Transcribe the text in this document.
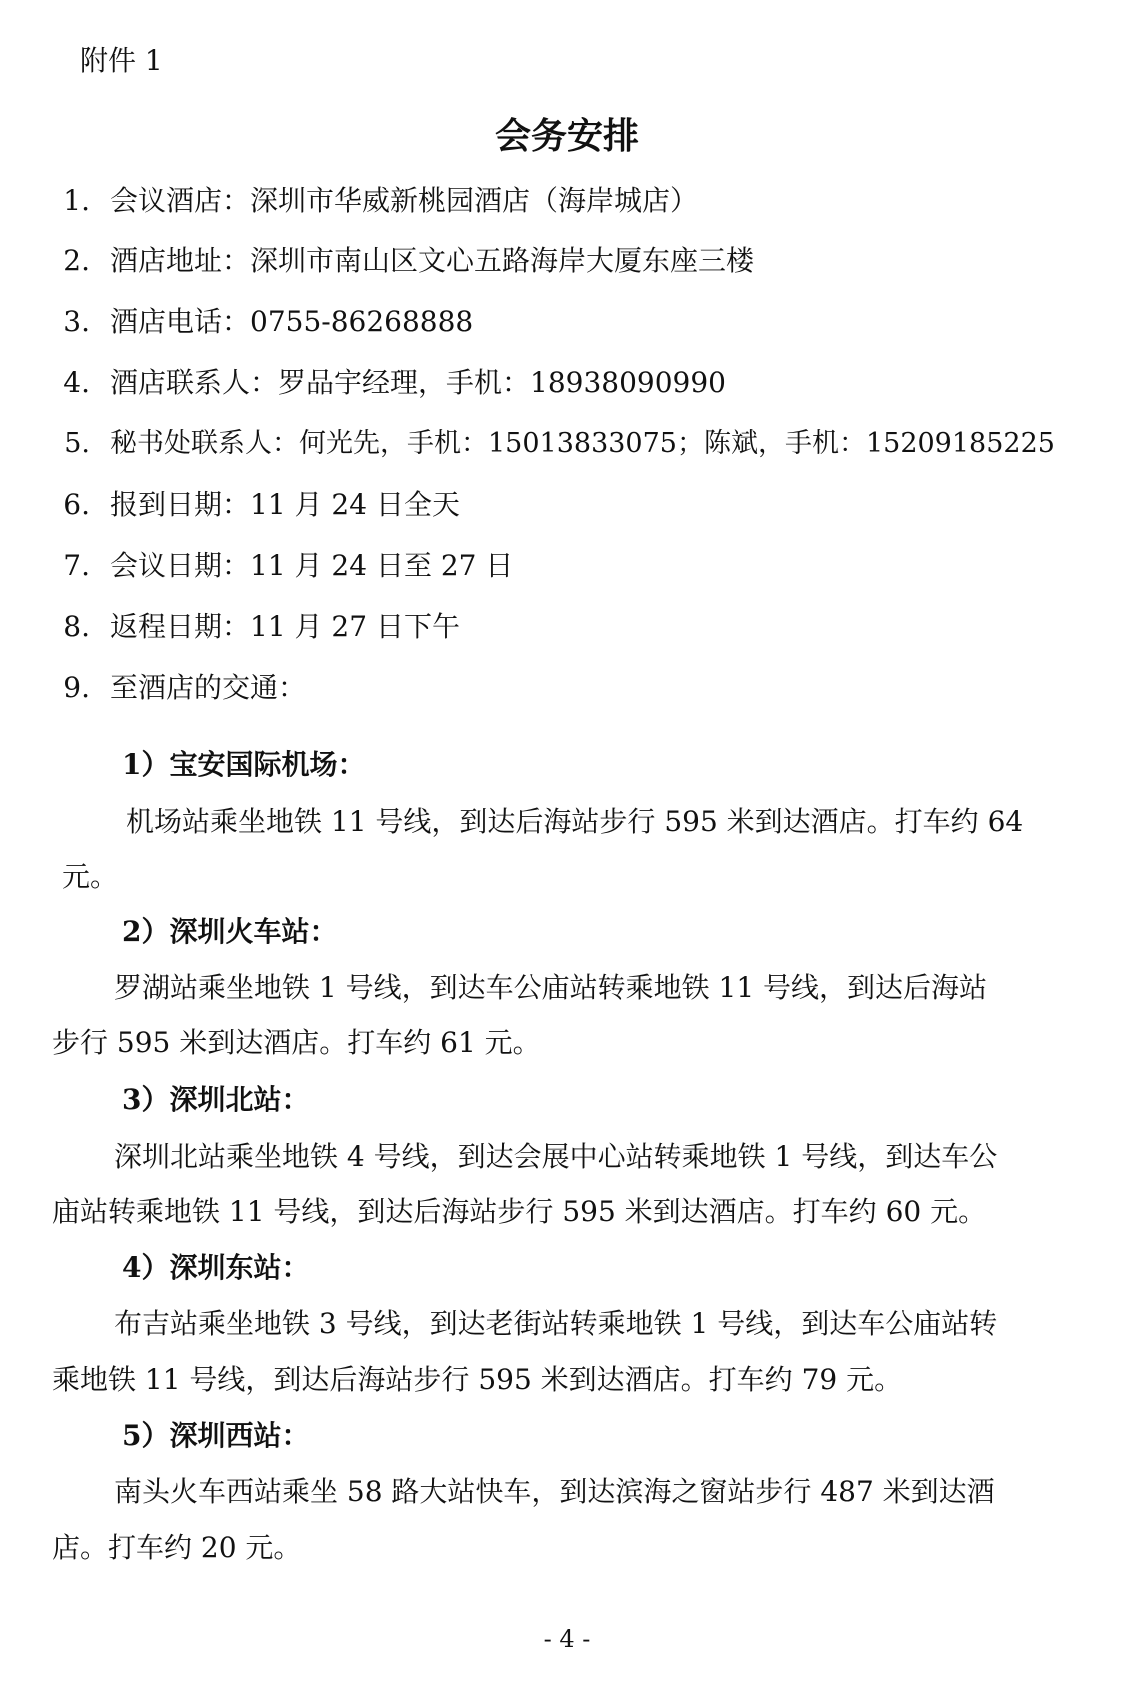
附件 1
会务安排
1. 会议酒店：深圳市华威新桃园酒店（海岸城店）
2. 酒店地址：深圳市南山区文心五路海岸大厦东座三楼
3. 酒店电话：0755-86268888
4. 酒店联系人：罗品宇经理，手机：18938090990
5. 秘书处联系人：何光先，手机：15013833075；陈斌，手机：15209185225
6. 报到日期：11 月 24 日全天
7. 会议日期：11 月 24 日至 27 日
8. 返程日期：11 月 27 日下午
9. 至酒店的交通：
1）宝安国际机场：
机场站乘坐地铁 11 号线，到达后海站步行 595 米到达酒店。打车约 64
元。
2）深圳火车站：
罗湖站乘坐地铁 1 号线，到达车公庙站转乘地铁 11 号线，到达后海站
步行 595 米到达酒店。打车约 61 元。
3）深圳北站：
深圳北站乘坐地铁 4 号线，到达会展中心站转乘地铁 1 号线，到达车公
庙站转乘地铁 11 号线，到达后海站步行 595 米到达酒店。打车约 60 元。
4）深圳东站：
布吉站乘坐地铁 3 号线，到达老街站转乘地铁 1 号线，到达车公庙站转
乘地铁 11 号线，到达后海站步行 595 米到达酒店。打车约 79 元。
5）深圳西站：
南头火车西站乘坐 58 路大站快车，到达滨海之窗站步行 487 米到达酒
店。打车约 20 元。
- 4 -
